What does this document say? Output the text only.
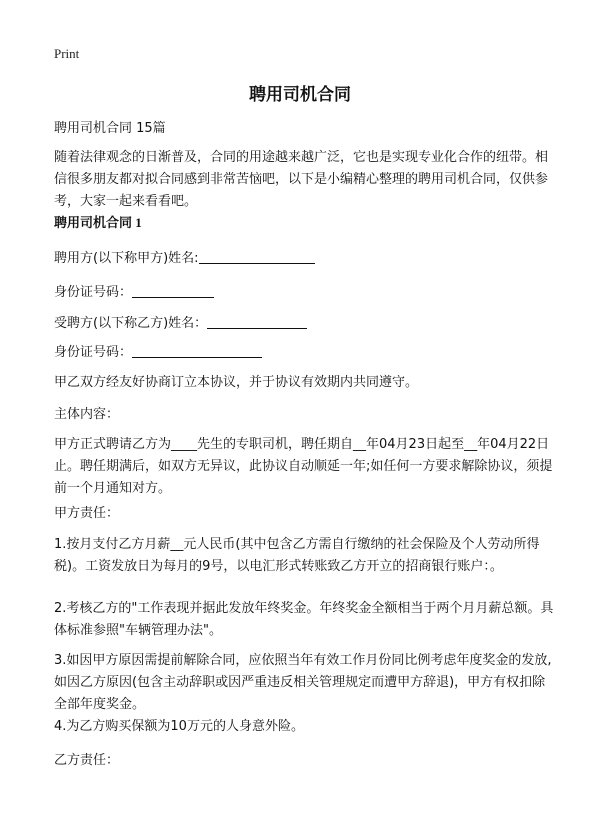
Print
聘用司机合同
聘用司机合同 15篇

随着法律观念的日渐普及，合同的用途越来越广泛，它也是实现专业化合作的纽带。相信很多朋友都对拟合同感到非常苦恼吧，以下是小编精心整理的聘用司机合同，仅供参考，大家一起来看看吧。

聘用司机合同 1
聘用方(以下称甲方)姓名:
身份证号码：
受聘方(以下称乙方)姓名：
身份证号码：
甲乙双方经友好协商订立本协议，并于协议有效期内共同遵守。
主体内容：

甲方正式聘请乙方为____先生的专职司机，聘任期自__年04月23日起至__年04月22日止。聘任期满后，如双方无异议，此协议自动顺延一年;如任何一方要求解除协议，须提前一个月通知对方。

甲方责任：

1.按月支付乙方月薪__元人民币(其中包含乙方需自行缴纳的社会保险及个人劳动所得税)。工资发放日为每月的9号，以电汇形式转账致乙方开立的招商银行账户：。

2.考核乙方的"工作表现并据此发放年终奖金。年终奖金全额相当于两个月月薪总额。具体标准参照"车辆管理办法"。

3.如因甲方原因需提前解除合同，应依照当年有效工作月份同比例考虑年度奖金的发放,如因乙方原因(包含主动辞职或因严重违反相关管理规定而遭甲方辞退)，甲方有权扣除全部年度奖金。

4.为乙方购买保额为10万元的人身意外险。
乙方责任：
